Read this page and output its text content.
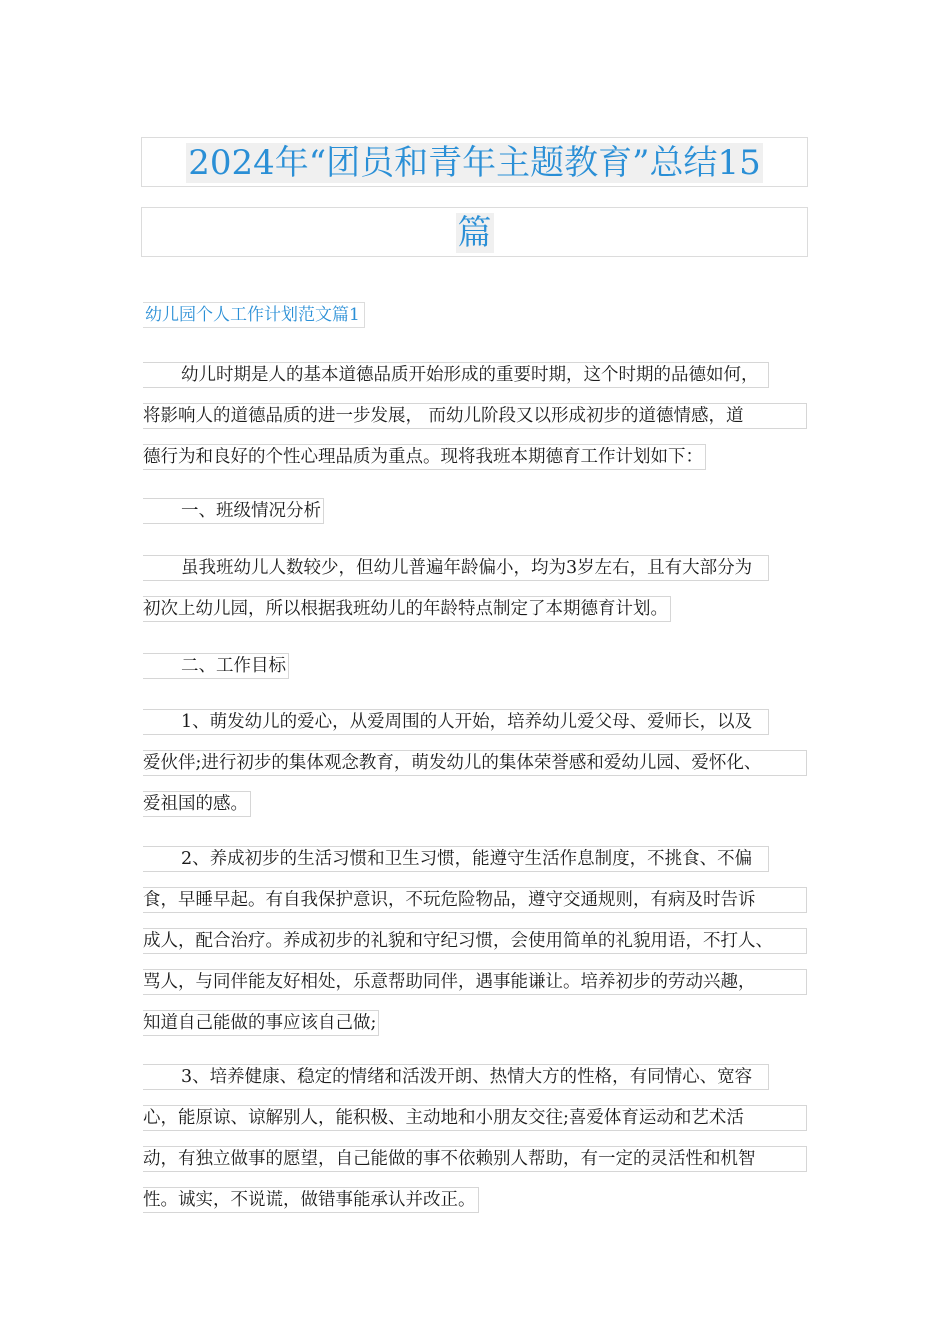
2024年“团员和青年主题教育”总结15
篇
幼儿园个人工作计划范文篇1
幼儿时期是人的基本道德品质开始形成的重要时期，这个时期的品德如何，
将影响人的道德品质的进一步发展， 而幼儿阶段又以形成初步的道德情感，道
德行为和良好的个性心理品质为重点。现将我班本期德育工作计划如下：
一、班级情况分析
虽我班幼儿人数较少，但幼儿普遍年龄偏小，均为3岁左右，且有大部分为
初次上幼儿园，所以根据我班幼儿的年龄特点制定了本期德育计划。
二、工作目标
1、萌发幼儿的爱心，从爱周围的人开始，培养幼儿爱父母、爱师长，以及
爱伙伴;进行初步的集体观念教育，萌发幼儿的集体荣誉感和爱幼儿园、爱怀化、
爱祖国的感。
2、养成初步的生活习惯和卫生习惯，能遵守生活作息制度，不挑食、不偏
食，早睡早起。有自我保护意识，不玩危险物品，遵守交通规则，有病及时告诉
成人，配合治疗。养成初步的礼貌和守纪习惯，会使用简单的礼貌用语，不打人、
骂人，与同伴能友好相处，乐意帮助同伴，遇事能谦让。培养初步的劳动兴趣，
知道自己能做的事应该自己做;
3、培养健康、稳定的情绪和活泼开朗、热情大方的性格，有同情心、宽容
心，能原谅、谅解别人，能积极、主动地和小朋友交往;喜爱体育运动和艺术活
动，有独立做事的愿望，自己能做的事不依赖别人帮助，有一定的灵活性和机智
性。诚实，不说谎，做错事能承认并改正。
